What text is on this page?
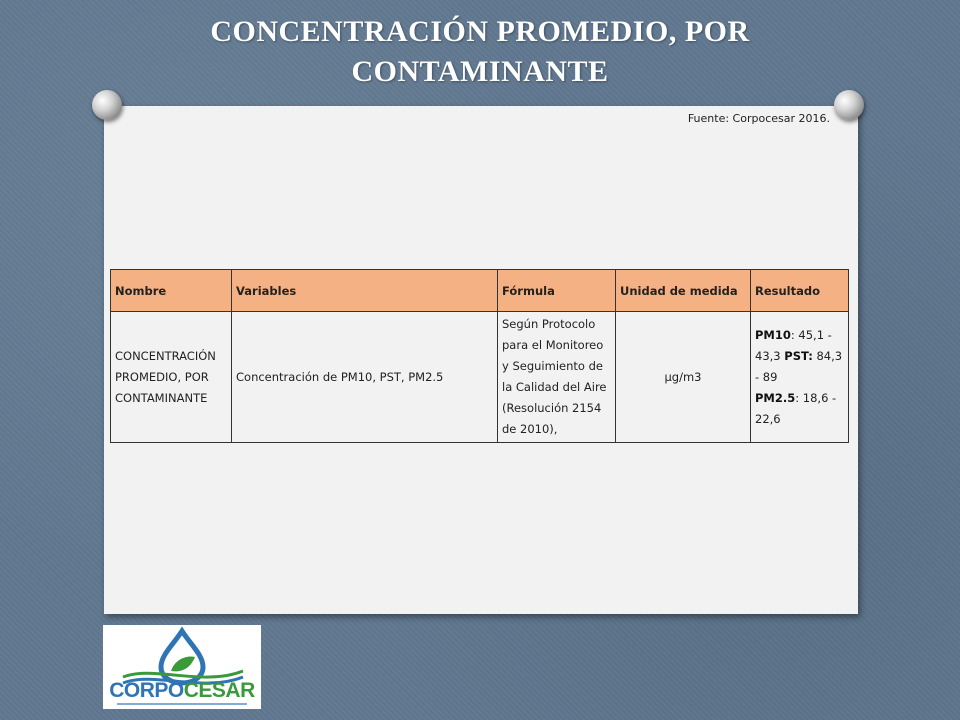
CONCENTRACIÓN PROMEDIO, POR
CONTAMINANTE
Fuente: Corpocesar 2016.
Nombre	Variables	Fórmula	Unidad de medida	Resultado
CONCENTRACIÓN PROMEDIO, POR CONTAMINANTE	Concentración de PM10, PST, PM2.5	Según Protocolo para el Monitoreo y Seguimiento de la Calidad del Aire (Resolución 2154 de 2010),	µg/m3	PM10: 45,1 - 43,3 PST: 84,3 - 89
PM2.5: 18,6 - 22,6
CORPOCESAR
